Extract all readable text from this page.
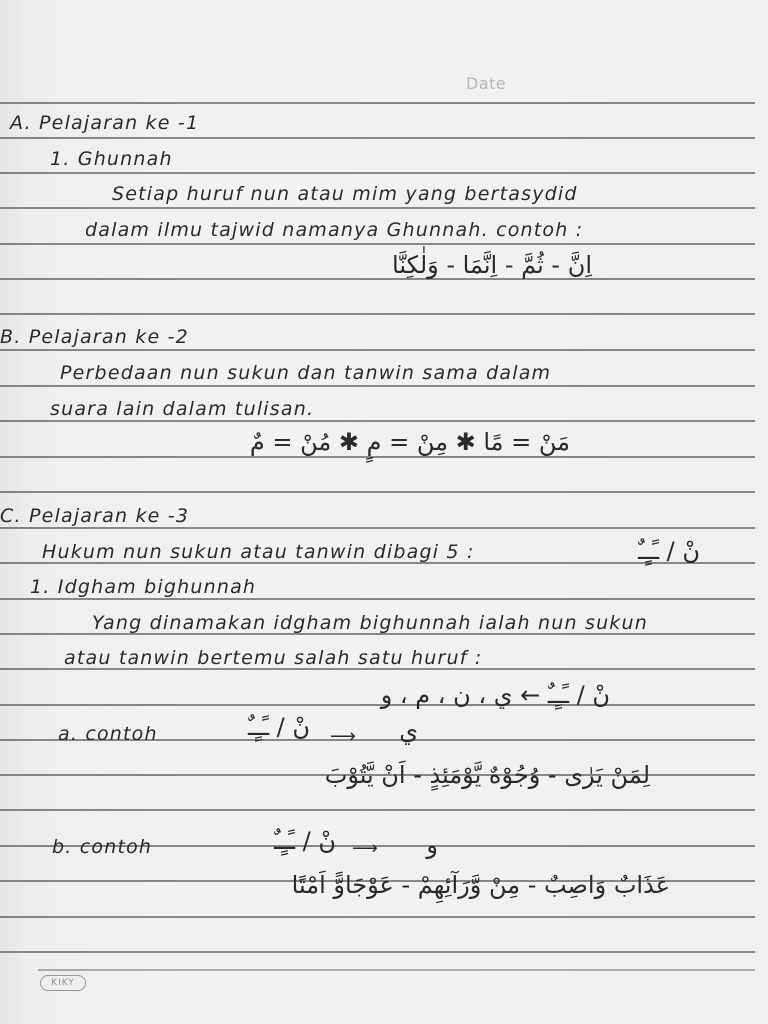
Date
A. Pelajaran ke -1
1. Ghunnah
Setiap huruf nun atau mim yang bertasydid
dalam ilmu tajwid namanya Ghunnah. contoh :
اِنَّ - ثُمَّ - اِنَّمَا - وَلٰكِنَّا
B. Pelajaran ke -2
Perbedaan nun sukun dan tanwin sama dalam
suara lain dalam tulisan.
مَنْ = مًا ✱ مِنْ = مٍ ✱ مُنْ = مٌ
C. Pelajaran ke -3
Hukum nun sukun atau tanwin dibagi 5 :	نْ / ـًـٍـٌ
1. Idgham bighunnah
Yang dinamakan idgham bighunnah ialah nun sukun
atau tanwin bertemu salah satu huruf :
نْ / ـًـٍـٌ ← ي ، ن ، م ، و
a. contoh	نْ / ـًـٍـٌ ⟶	ي
لِمَنْ يَرٰى - وُجُوْهٌ يَّوْمَئِذٍ - اَنْ يَّتُوْبَ
b. contoh	نْ / ـًـٍـٌ ⟶	و
عَذَابٌ وَاصِبٌ - مِنْ وَّرَآئِهِمْ - عَوْجَاوًّ اَمْتًا
KIKY
